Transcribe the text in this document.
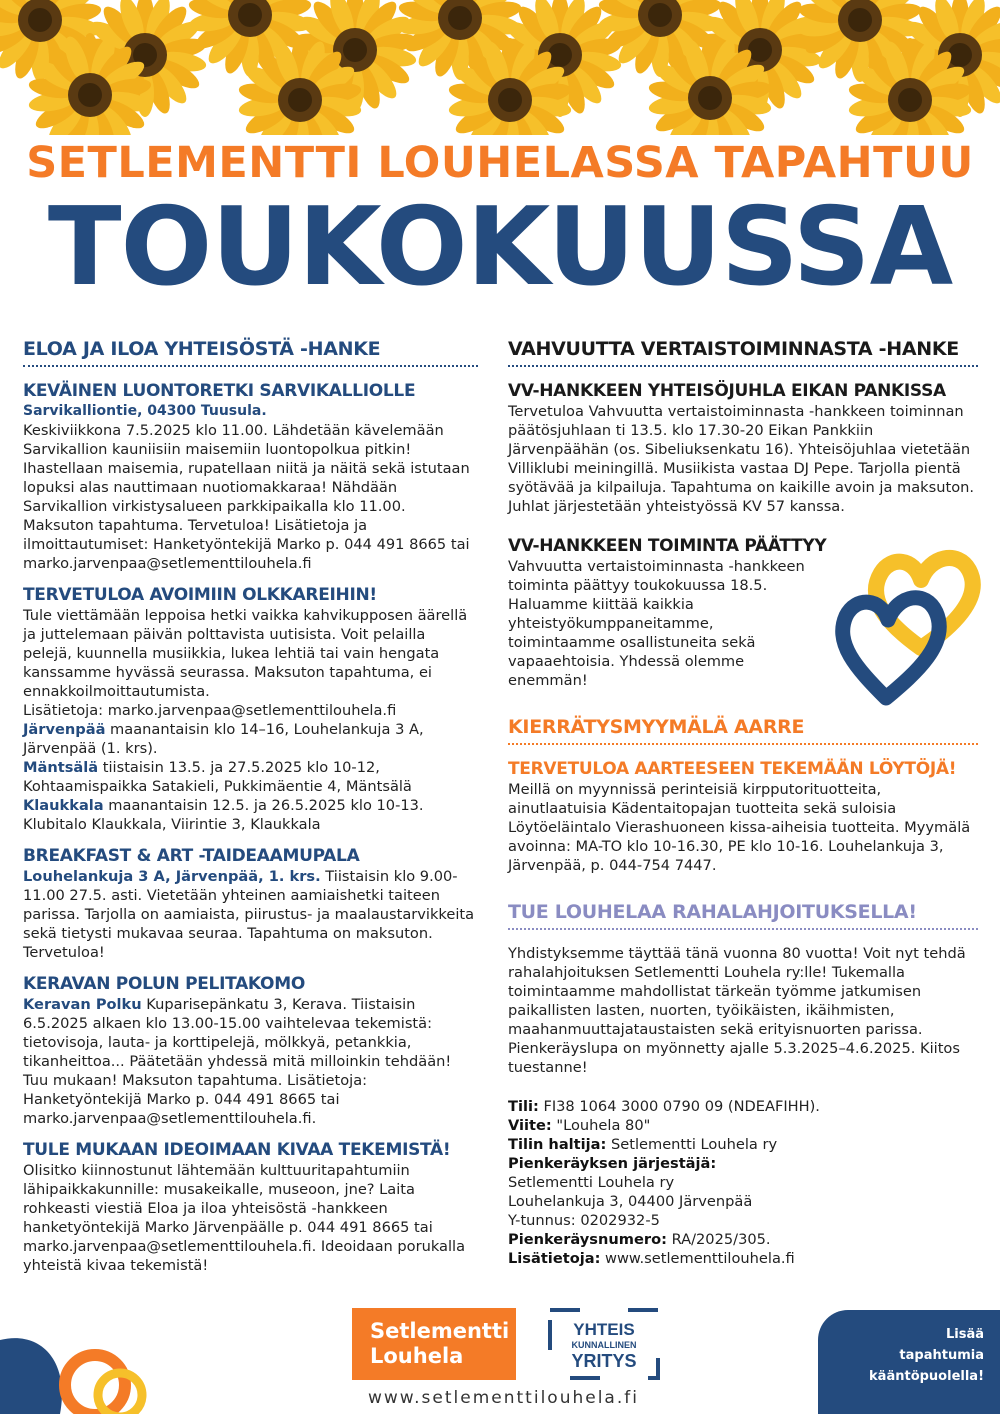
SETLEMENTTI LOUHELASSA TAPAHTUU
TOUKOKUUSSA
ELOA JA ILOA YHTEISÖSTÄ -HANKE
KEVÄINEN LUONTORETKI SARVIKALLIOLLE
Sarvikalliontie, 04300 Tuusula.

Keskiviikkona 7.5.2025 klo 11.00. Lähdetään kävelemään Sarvikallion kauniisiin maisemiin luontopolkua pitkin! Ihastellaan maisemia, rupatellaan niitä ja näitä sekä istutaan lopuksi alas nauttimaan nuotiomakkaraa! Nähdään Sarvikallion virkistysalueen parkkipaikalla klo 11.00. Maksuton tapahtuma. Tervetuloa! Lisätietoja ja ilmoittautumiset: Hanketyöntekijä Marko p. 044 491 8665 tai marko.jarvenpaa@setlementtilouhela.fi

TERVETULOA AVOIMIIN OLKKAREIHIN!

Tule viettämään leppoisa hetki vaikka kahvikupposen äärellä ja juttelemaan päivän polttavista uutisista. Voit pelailla pelejä, kuunnella musiikkia, lukea lehtiä tai vain hengata kanssamme hyvässä seurassa. Maksuton tapahtuma, ei ennakkoilmoittautumista.

Lisätietoja: marko.jarvenpaa@setlementtilouhela.fi

Järvenpää maanantaisin klo 14–16, Louhelankuja 3 A, Järvenpää (1. krs).

Mäntsälä tiistaisin 13.5. ja 27.5.2025 klo 10-12, Kohtaamispaikka Satakieli, Pukkimäentie 4, Mäntsälä

Klaukkala maanantaisin 12.5. ja 26.5.2025 klo 10-13. Klubitalo Klaukkala, Viirintie 3, Klaukkala

BREAKFAST & ART -TAIDEAAMUPALA

Louhelankuja 3 A, Järvenpää, 1. krs. Tiistaisin klo 9.00-11.00 27.5. asti. Vietetään yhteinen aamiaishetki taiteen parissa. Tarjolla on aamiaista, piirustus- ja maalaustarvikkeita sekä tietysti mukavaa seuraa. Tapahtuma on maksuton. Tervetuloa!

KERAVAN POLUN PELITAKOMO

Keravan Polku Kuparisepänkatu 3, Kerava. Tiistaisin 6.5.2025 alkaen klo 13.00-15.00 vaihtelevaa tekemistä: tietovisoja, lauta- ja korttipelejä, mölkkyä, petankkia, tikanheittoa... Päätetään yhdessä mitä milloinkin tehdään! Tuu mukaan! Maksuton tapahtuma. Lisätietoja: Hanketyöntekijä Marko p. 044 491 8665 tai marko.jarvenpaa@setlementtilouhela.fi.

TULE MUKAAN IDEOIMAAN KIVAA TEKEMISTÄ!

Olisitko kiinnostunut lähtemään kulttuuritapahtumiin lähipaikkakunnille: musakeikalle, museoon, jne? Laita rohkeasti viestiä Eloa ja iloa yhteisöstä -hankkeen hanketyöntekijä Marko Järvenpäälle p. 044 491 8665 tai marko.jarvenpaa@setlementtilouhela.fi. Ideoidaan porukalla yhteistä kivaa tekemistä!

VAHVUUTTA VERTAISTOIMINNASTA -HANKE
VV-HANKKEEN YHTEISÖJUHLA EIKAN PANKISSA

Tervetuloa Vahvuutta vertaistoiminnasta -hankkeen toiminnan päätösjuhlaan ti 13.5. klo 17.30-20 Eikan Pankkiin Järvenpäähän (os. Sibeliuksenkatu 16). Yhteisöjuhlaa vietetään Villiklubi meiningillä. Musiikista vastaa DJ Pepe. Tarjolla pientä syötävää ja kilpailuja. Tapahtuma on kaikille avoin ja maksuton. Juhlat järjestetään yhteistyössä KV 57 kanssa.

VV-HANKKEEN TOIMINTA PÄÄTTYY

Vahvuutta vertaistoiminnasta -hankkeen toiminta päättyy toukokuussa 18.5. Haluamme kiittää kaikkia yhteistyökumppaneitamme, toimintaamme osallistuneita sekä vapaaehtoisia. Yhdessä olemme enemmän!

KIERRÄTYSMYYMÄLÄ AARRE
TERVETULOA AARTEESEEN TEKEMÄÄN LÖYTÖJÄ!

Meillä on myynnissä perinteisiä kirpputorituotteita, ainutlaatuisia Kädentaitopajan tuotteita sekä suloisia Löytöeläintalo Vierashuoneen kissa-aiheisia tuotteita. Myymälä avoinna: MA-TO klo 10-16.30, PE klo 10-16. Louhelankuja 3, Järvenpää, p. 044-754 7447.

TUE LOUHELAA RAHALAHJOITUKSELLA!

Yhdistyksemme täyttää tänä vuonna 80 vuotta! Voit nyt tehdä rahalahjoituksen Setlementti Louhela ry:lle! Tukemalla toimintaamme mahdollistat tärkeän työmme jatkumisen paikallisten lasten, nuorten, työikäisten, ikäihmisten, maahanmuuttajataustaisten sekä erityisnuorten parissa. Pienkeräyslupa on myönnetty ajalle 5.3.2025–4.6.2025. Kiitos tuestanne!

Tili: FI38 1064 3000 0790 09 (NDEAFIHH).

Viite: "Louhela 80"

Tilin haltija: Setlementti Louhela ry

Pienkeräyksen järjestäjä:

Setlementti Louhela ry

Louhelankuja 3, 04400 Järvenpää

Y-tunnus: 0202932-5

Pienkeräysnumero: RA/2025/305.

Lisätietoja: www.setlementtilouhela.fi

Setlementti
Louhela
YHTEIS
KUNNALLINEN
YRITYS
www.setlementtilouhela.fi
Lisää
tapahtumia
kääntöpuolella!
